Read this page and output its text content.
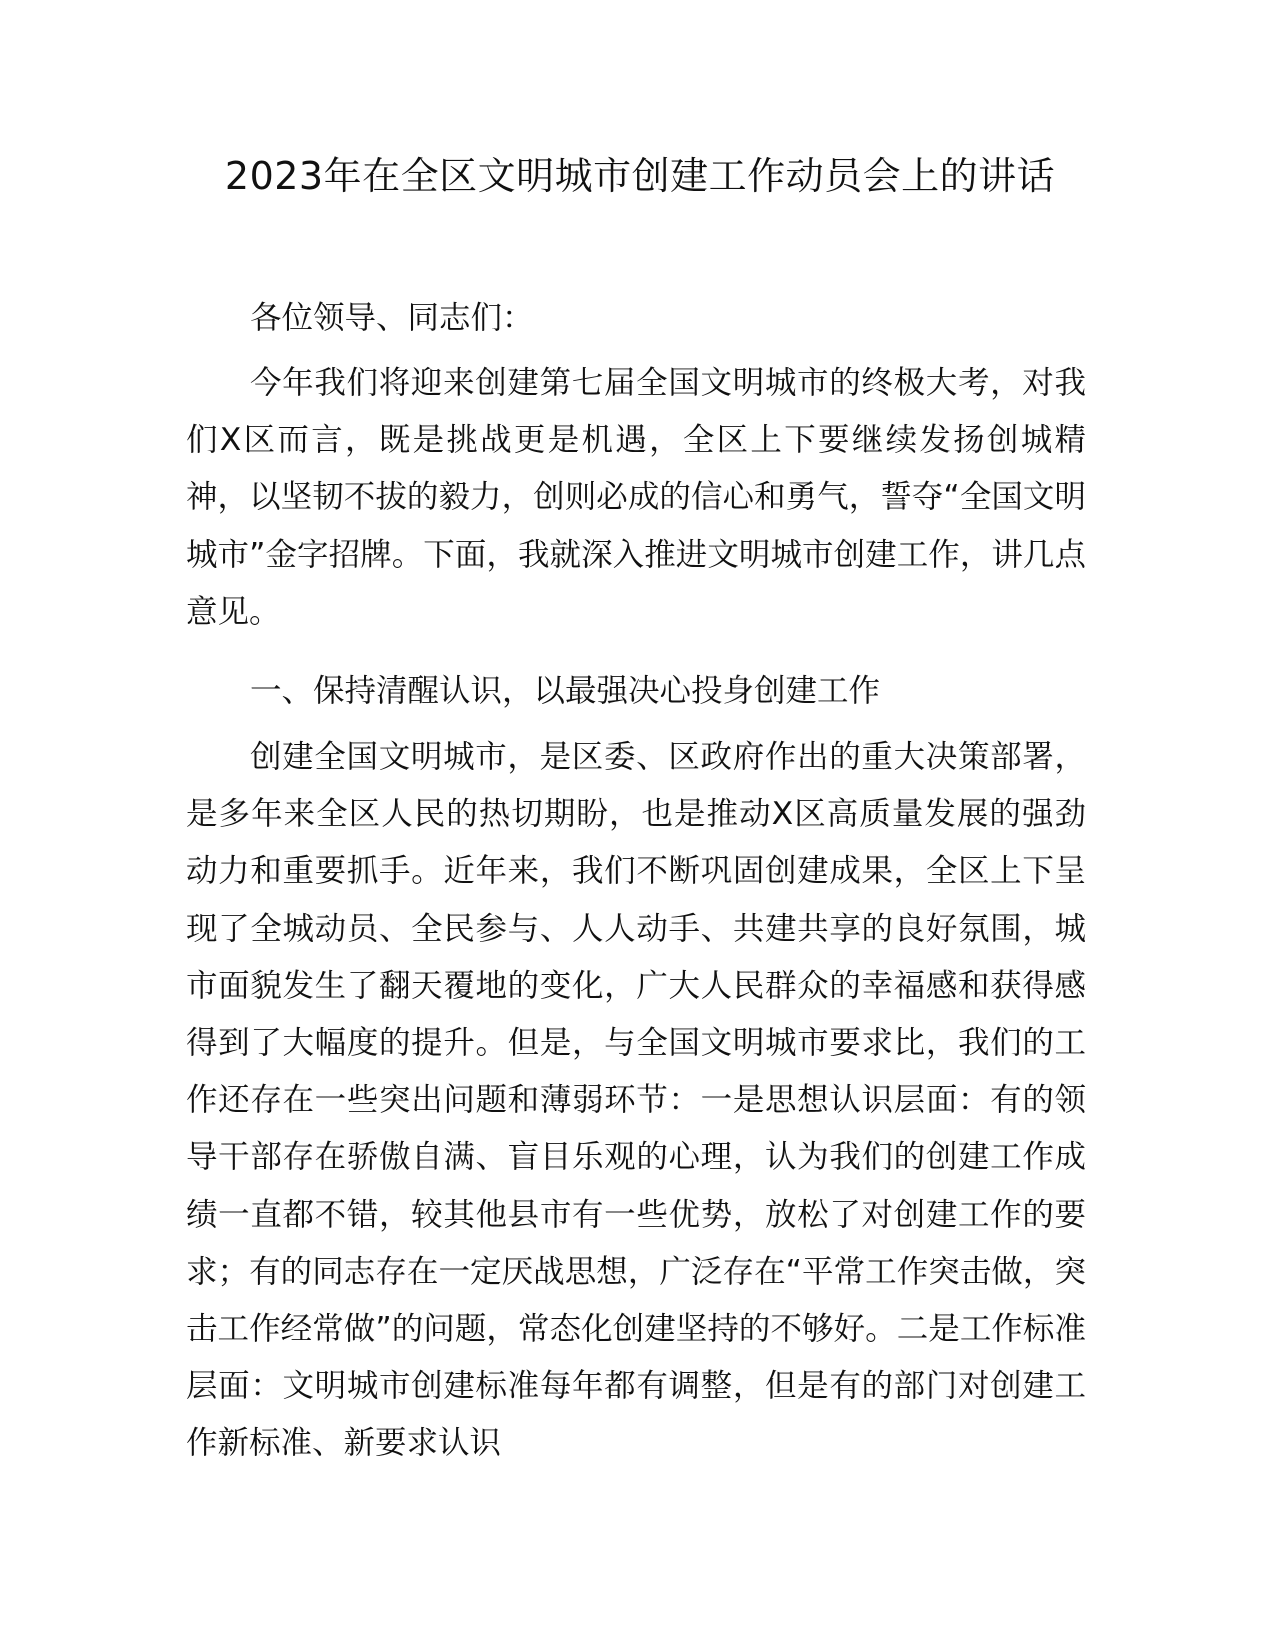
2023年在全区文明城市创建工作动员会上的讲话

各位领导、同志们：

今年我们将迎来创建第七届全国文明城市的终极大考，对我们X区而言，既是挑战更是机遇，全区上下要继续发扬创城精神，以坚韧不拔的毅力，创则必成的信心和勇气，誓夺“全国文明城市”金字招牌。下面，我就深入推进文明城市创建工作，讲几点意见。

一、保持清醒认识，以最强决心投身创建工作

创建全国文明城市，是区委、区政府作出的重大决策部署，是多年来全区人民的热切期盼，也是推动X区高质量发展的强劲动力和重要抓手。近年来，我们不断巩固创建成果，全区上下呈现了全城动员、全民参与、人人动手、共建共享的良好氛围，城市面貌发生了翻天覆地的变化，广大人民群众的幸福感和获得感得到了大幅度的提升。但是，与全国文明城市要求比，我们的工作还存在一些突出问题和薄弱环节：一是思想认识层面：有的领导干部存在骄傲自满、盲目乐观的心理，认为我们的创建工作成绩一直都不错，较其他县市有一些优势，放松了对创建工作的要求；有的同志存在一定厌战思想，广泛存在“平常工作突击做，突击工作经常做”的问题，常态化创建坚持的不够好。二是工作标准层面：文明城市创建标准每年都有调整，但是有的部门对创建工作新标准、新要求认识
